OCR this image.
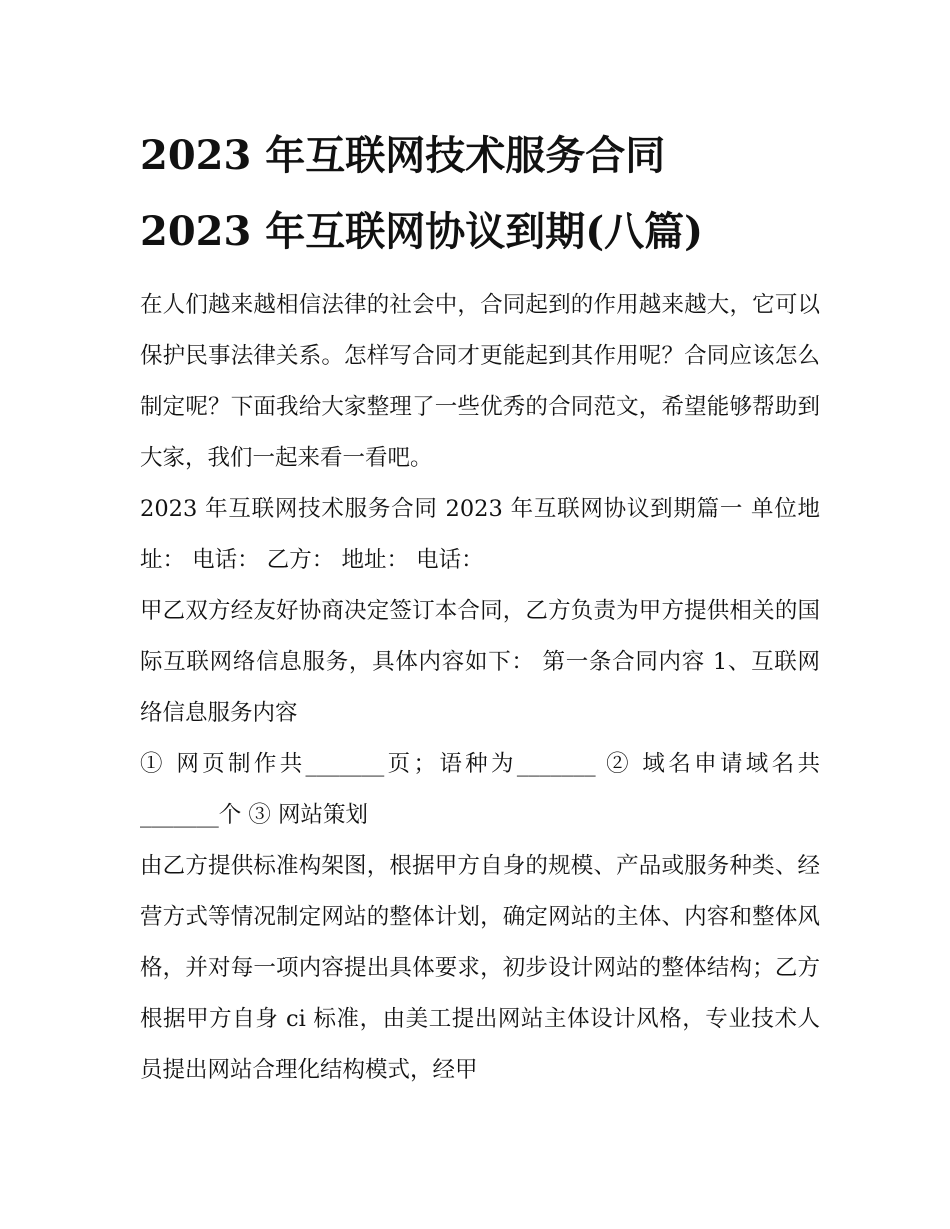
2023 年互联网技术服务合同
2023 年互联网协议到期(八篇)

在人们越来越相信法律的社会中，合同起到的作用越来越大，它可以保护民事法律关系。怎样写合同才更能起到其作用呢？合同应该怎么制定呢？下面我给大家整理了一些优秀的合同范文，希望能够帮助到大家，我们一起来看一看吧。

2023 年互联网技术服务合同 2023 年互联网协议到期篇一 单位地址： 电话： 乙方： 地址： 电话：

甲乙双方经友好协商决定签订本合同，乙方负责为甲方提供相关的国际互联网络信息服务，具体内容如下： 第一条合同内容 1、互联网络信息服务内容

① 网页制作共_______页；语种为_______ ② 域名申请域名共_______个 ③ 网站策划

由乙方提供标准构架图，根据甲方自身的规模、产品或服务种类、经营方式等情况制定网站的整体计划，确定网站的主体、内容和整体风格，并对每一项内容提出具体要求，初步设计网站的整体结构；乙方根据甲方自身 ci 标准，由美工提出网站主体设计风格，专业技术人员提出网站合理化结构模式，经甲
